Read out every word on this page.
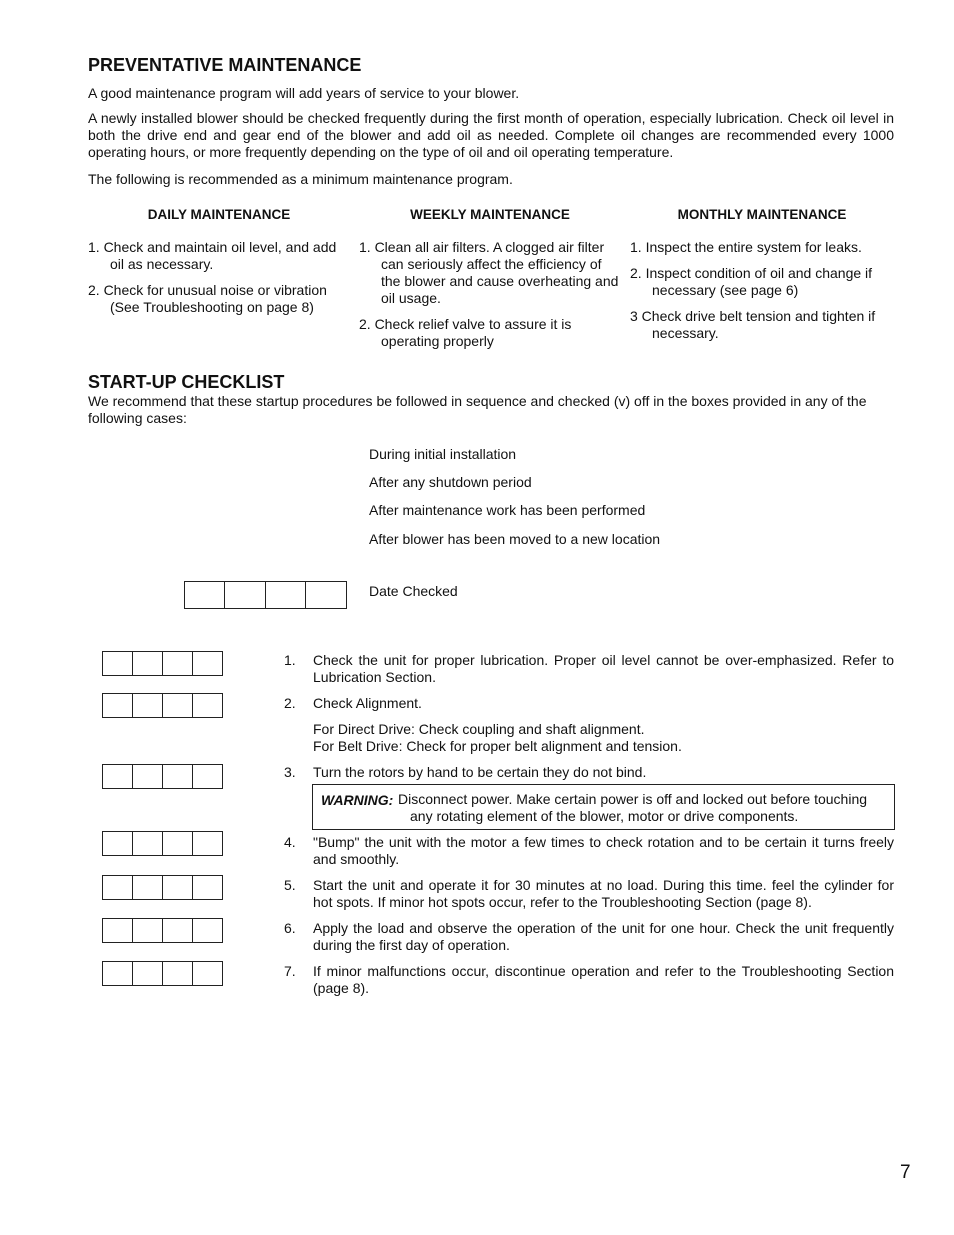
PREVENTATIVE MAINTENANCE

A good maintenance program will add years of service to your blower.

A newly installed blower should be checked frequently during the first month of operation, especially lubrication. Check oil level in both the drive end and gear end of the blower and add oil as needed. Complete oil changes are recommended every 1000 operating hours, or more frequently depending on the type of oil and oil operating temperature.

The following is recommended as a minimum maintenance program.

DAILY MAINTENANCE

1. Check and maintain oil level, and add oil as necessary.

2. Check for unusual noise or vibration (See Troubleshooting on page 8)

WEEKLY MAINTENANCE

1. Clean all air filters. A clogged air filter can seriously affect the efficiency of the blower and cause overheating and oil usage.

2. Check relief valve to assure it is operating properly

MONTHLY MAINTENANCE

1. Inspect the entire system for leaks.

2. Inspect condition of oil and change if necessary (see page 6)

3 Check drive belt tension and tighten if necessary.

START-UP CHECKLIST

We recommend that these startup procedures be followed in sequence and checked (v) off in the boxes provided in any of the following cases:

During initial installation

After any shutdown period

After maintenance work has been performed

After blower has been moved to a new location

Date Checked

1. Check the unit for proper lubrication. Proper oil level cannot be over-emphasized. Refer to Lubrication Section.

2. Check Alignment.

For Direct Drive: Check coupling and shaft alignment.

For Belt Drive: Check for proper belt alignment and tension.

3. Turn the rotors by hand to be certain they do not bind.

WARNING: Disconnect power. Make certain power is off and locked out before touching

any rotating element of the blower, motor or drive components.

4. "Bump" the unit with the motor a few times to check rotation and to be certain it turns freely and smoothly.

5. Start the unit and operate it for 30 minutes at no load. During this time. feel the cylinder for hot spots. If minor hot spots occur, refer to the Troubleshooting Section (page 8).

6. Apply the load and observe the operation of the unit for one hour. Check the unit frequently during the first day of operation.

7. If minor malfunctions occur, discontinue operation and refer to the Troubleshooting Section (page 8).

7
